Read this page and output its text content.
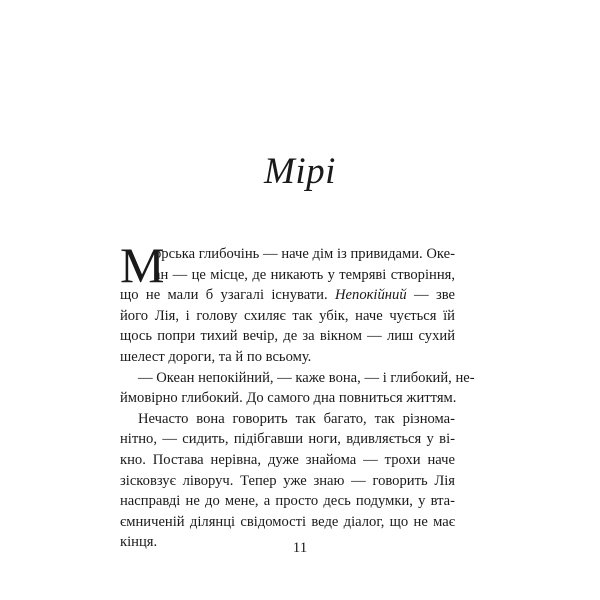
Мірі
М
орська глибочінь — наче дім із привидами. Оке-
ан — це місце, де никають у темряві створіння,
що не мали б узагалі існувати. Непокійний — зве
його Лія, і голову схиляє так убік, наче чується їй
щось попри тихий вечір, де за вікном — лиш сухий
шелест дороги, та й по всьому.
— Океан непокійний, — каже вона, — і глибокий, не-
ймовірно глибокий. До самого дна повниться життям.
Нечасто вона говорить так багато, так різнома-
нітно, — сидить, підібгавши ноги, вдивляється у ві-
кно. Постава нерівна, дуже знайома — трохи наче
зісковзує ліворуч. Тепер уже знаю — говорить Лія
насправді не до мене, а просто десь подумки, у вта-
ємниченій ділянці свідомості веде діалог, що не має
кінця.	11
